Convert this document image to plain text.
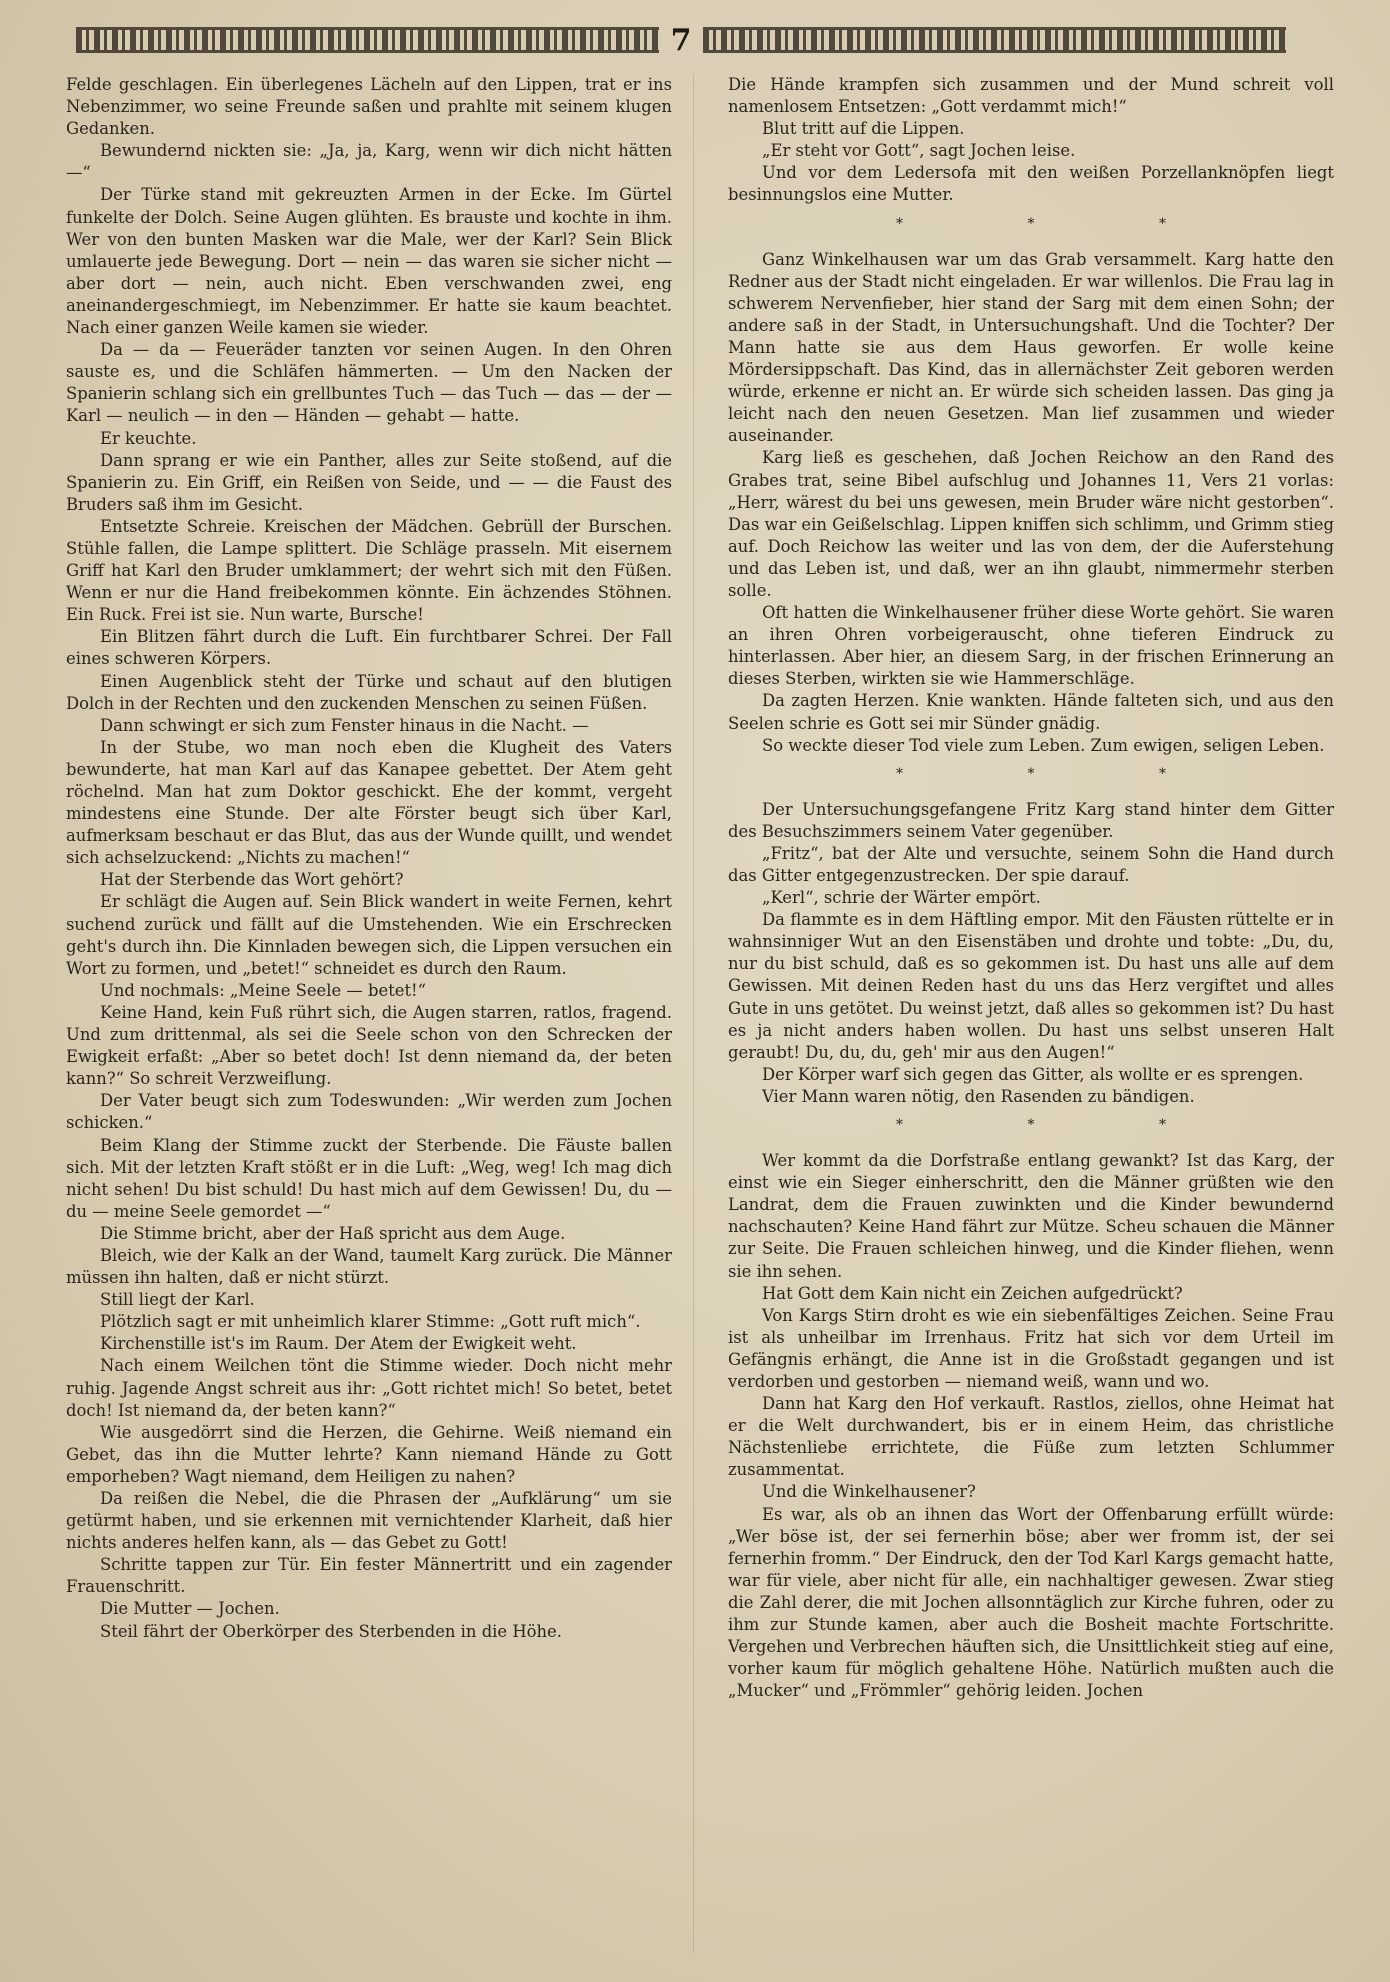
7

Felde geschlagen. Ein überlegenes Lächeln auf den Lippen, trat er ins Nebenzimmer, wo seine Freunde saßen und prahlte mit seinem klugen Gedanken.

Bewundernd nickten sie: „Ja, ja, Karg, wenn wir dich nicht hätten —“

Der Türke stand mit gekreuzten Armen in der Ecke. Im Gürtel funkelte der Dolch. Seine Augen glühten. Es brauste und kochte in ihm. Wer von den bunten Masken war die Male, wer der Karl? Sein Blick umlauerte jede Bewegung. Dort — nein — das waren sie sicher nicht — aber dort — nein, auch nicht. Eben verschwanden zwei, eng aneinandergeschmiegt, im Nebenzimmer. Er hatte sie kaum beachtet. Nach einer ganzen Weile kamen sie wieder.

Da — da — Feueräder tanzten vor seinen Augen. In den Ohren sauste es, und die Schläfen hämmerten. — Um den Nacken der Spanierin schlang sich ein grellbuntes Tuch — das Tuch — das — der — Karl — neulich — in den — Händen — gehabt — hatte.

Er keuchte.

Dann sprang er wie ein Panther, alles zur Seite stoßend, auf die Spanierin zu. Ein Griff, ein Reißen von Seide, und — — die Faust des Bruders saß ihm im Gesicht.

Entsetzte Schreie. Kreischen der Mädchen. Gebrüll der Burschen. Stühle fallen, die Lampe splittert. Die Schläge prasseln. Mit eisernem Griff hat Karl den Bruder umklammert; der wehrt sich mit den Füßen. Wenn er nur die Hand freibekommen könnte. Ein ächzendes Stöhnen. Ein Ruck. Frei ist sie. Nun warte, Bursche!

Ein Blitzen fährt durch die Luft. Ein furchtbarer Schrei. Der Fall eines schweren Körpers.

Einen Augenblick steht der Türke und schaut auf den blutigen Dolch in der Rechten und den zuckenden Menschen zu seinen Füßen.

Dann schwingt er sich zum Fenster hinaus in die Nacht. —

In der Stube, wo man noch eben die Klugheit des Vaters bewunderte, hat man Karl auf das Kanapee gebettet. Der Atem geht röchelnd. Man hat zum Doktor geschickt. Ehe der kommt, vergeht mindestens eine Stunde. Der alte Förster beugt sich über Karl, aufmerksam beschaut er das Blut, das aus der Wunde quillt, und wendet sich achselzuckend: „Nichts zu machen!“

Hat der Sterbende das Wort gehört?

Er schlägt die Augen auf. Sein Blick wandert in weite Fernen, kehrt suchend zurück und fällt auf die Umstehenden. Wie ein Erschrecken geht's durch ihn. Die Kinnladen bewegen sich, die Lippen versuchen ein Wort zu formen, und „betet!“ schneidet es durch den Raum.

Und nochmals: „Meine Seele — betet!“

Keine Hand, kein Fuß rührt sich, die Augen starren, ratlos, fragend. Und zum drittenmal, als sei die Seele schon von den Schrecken der Ewigkeit erfaßt: „Aber so betet doch! Ist denn niemand da, der beten kann?“ So schreit Verzweiflung.

Der Vater beugt sich zum Todeswunden: „Wir werden zum Jochen schicken.“

Beim Klang der Stimme zuckt der Sterbende. Die Fäuste ballen sich. Mit der letzten Kraft stößt er in die Luft: „Weg, weg! Ich mag dich nicht sehen! Du bist schuld! Du hast mich auf dem Gewissen! Du, du — du — meine Seele gemordet —“

Die Stimme bricht, aber der Haß spricht aus dem Auge.

Bleich, wie der Kalk an der Wand, taumelt Karg zurück. Die Männer müssen ihn halten, daß er nicht stürzt.

Still liegt der Karl.

Plötzlich sagt er mit unheimlich klarer Stimme: „Gott ruft mich“.

Kirchenstille ist's im Raum. Der Atem der Ewigkeit weht.

Nach einem Weilchen tönt die Stimme wieder. Doch nicht mehr ruhig. Jagende Angst schreit aus ihr: „Gott richtet mich! So betet, betet doch! Ist niemand da, der beten kann?“

Wie ausgedörrt sind die Herzen, die Gehirne. Weiß niemand ein Gebet, das ihn die Mutter lehrte? Kann niemand Hände zu Gott emporheben? Wagt niemand, dem Heiligen zu nahen?

Da reißen die Nebel, die die Phrasen der „Aufklärung“ um sie getürmt haben, und sie erkennen mit vernichtender Klarheit, daß hier nichts anderes helfen kann, als — das Gebet zu Gott!

Schritte tappen zur Tür. Ein fester Männertritt und ein zagender Frauenschritt.

Die Mutter — Jochen.

Steil fährt der Oberkörper des Sterbenden in die Höhe.

Die Hände krampfen sich zusammen und der Mund schreit voll namenlosem Entsetzen: „Gott verdammt mich!“

Blut tritt auf die Lippen.

„Er steht vor Gott“, sagt Jochen leise.

Und vor dem Ledersofa mit den weißen Porzellanknöpfen liegt besinnungslos eine Mutter.

* * *

Ganz Winkelhausen war um das Grab versammelt. Karg hatte den Redner aus der Stadt nicht eingeladen. Er war willenlos. Die Frau lag in schwerem Nervenfieber, hier stand der Sarg mit dem einen Sohn; der andere saß in der Stadt, in Untersuchungshaft. Und die Tochter? Der Mann hatte sie aus dem Haus geworfen. Er wolle keine Mördersippschaft. Das Kind, das in allernächster Zeit geboren werden würde, erkenne er nicht an. Er würde sich scheiden lassen. Das ging ja leicht nach den neuen Gesetzen. Man lief zusammen und wieder auseinander.

Karg ließ es geschehen, daß Jochen Reichow an den Rand des Grabes trat, seine Bibel aufschlug und Johannes 11, Vers 21 vorlas: „Herr, wärest du bei uns gewesen, mein Bruder wäre nicht gestorben“. Das war ein Geißelschlag. Lippen kniffen sich schlimm, und Grimm stieg auf. Doch Reichow las weiter und las von dem, der die Auferstehung und das Leben ist, und daß, wer an ihn glaubt, nimmermehr sterben solle.

Oft hatten die Winkelhausener früher diese Worte gehört. Sie waren an ihren Ohren vorbeigerauscht, ohne tieferen Eindruck zu hinterlassen. Aber hier, an diesem Sarg, in der frischen Erinnerung an dieses Sterben, wirkten sie wie Hammerschläge.

Da zagten Herzen. Knie wankten. Hände falteten sich, und aus den Seelen schrie es Gott sei mir Sünder gnädig.

So weckte dieser Tod viele zum Leben. Zum ewigen, seligen Leben.

* * *

Der Untersuchungsgefangene Fritz Karg stand hinter dem Gitter des Besuchszimmers seinem Vater gegenüber.

„Fritz“, bat der Alte und versuchte, seinem Sohn die Hand durch das Gitter entgegenzustrecken. Der spie darauf.

„Kerl“, schrie der Wärter empört.

Da flammte es in dem Häftling empor. Mit den Fäusten rüttelte er in wahnsinniger Wut an den Eisenstäben und drohte und tobte: „Du, du, nur du bist schuld, daß es so gekommen ist. Du hast uns alle auf dem Gewissen. Mit deinen Reden hast du uns das Herz vergiftet und alles Gute in uns getötet. Du weinst jetzt, daß alles so gekommen ist? Du hast es ja nicht anders haben wollen. Du hast uns selbst unseren Halt geraubt! Du, du, du, geh' mir aus den Augen!“

Der Körper warf sich gegen das Gitter, als wollte er es sprengen.

Vier Mann waren nötig, den Rasenden zu bändigen.

* * *

Wer kommt da die Dorfstraße entlang gewankt? Ist das Karg, der einst wie ein Sieger einherschritt, den die Männer grüßten wie den Landrat, dem die Frauen zuwinkten und die Kinder bewundernd nachschauten? Keine Hand fährt zur Mütze. Scheu schauen die Männer zur Seite. Die Frauen schleichen hinweg, und die Kinder fliehen, wenn sie ihn sehen.

Hat Gott dem Kain nicht ein Zeichen aufgedrückt?

Von Kargs Stirn droht es wie ein siebenfältiges Zeichen. Seine Frau ist als unheilbar im Irrenhaus. Fritz hat sich vor dem Urteil im Gefängnis erhängt, die Anne ist in die Großstadt gegangen und ist verdorben und gestorben — niemand weiß, wann und wo.

Dann hat Karg den Hof verkauft. Rastlos, ziellos, ohne Heimat hat er die Welt durchwandert, bis er in einem Heim, das christliche Nächstenliebe errichtete, die Füße zum letzten Schlummer zusammentat.

Und die Winkelhausener?

Es war, als ob an ihnen das Wort der Offenbarung erfüllt würde: „Wer böse ist, der sei fernerhin böse; aber wer fromm ist, der sei fernerhin fromm.“ Der Eindruck, den der Tod Karl Kargs gemacht hatte, war für viele, aber nicht für alle, ein nachhaltiger gewesen. Zwar stieg die Zahl derer, die mit Jochen allsonntäglich zur Kirche fuhren, oder zu ihm zur Stunde kamen, aber auch die Bosheit machte Fortschritte. Vergehen und Verbrechen häuften sich, die Unsittlichkeit stieg auf eine, vorher kaum für möglich gehaltene Höhe. Natürlich mußten auch die „Mucker“ und „Frömmler“ gehörig leiden. Jochen
